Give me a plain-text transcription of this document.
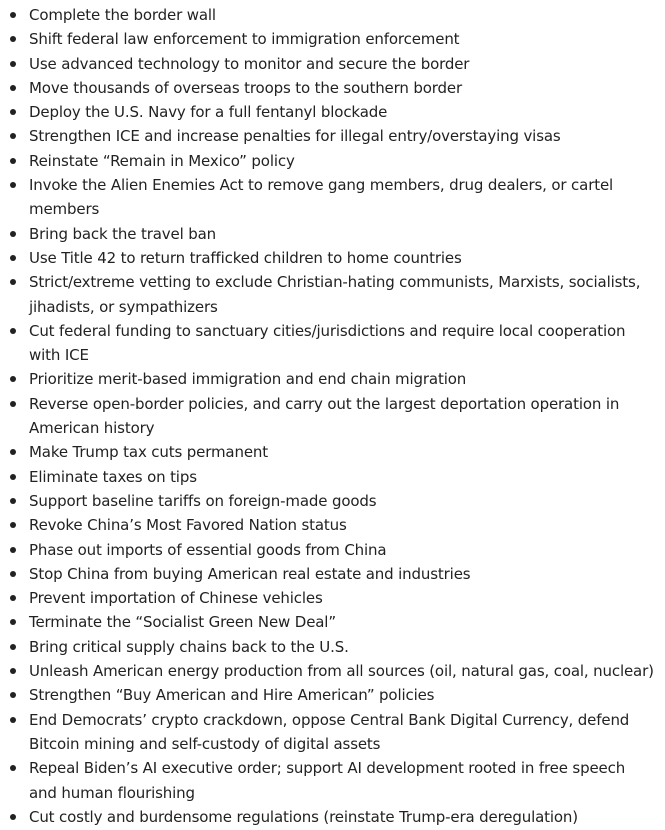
Complete the border wall
Shift federal law enforcement to immigration enforcement
Use advanced technology to monitor and secure the border
Move thousands of overseas troops to the southern border
Deploy the U.S. Navy for a full fentanyl blockade
Strengthen ICE and increase penalties for illegal entry/overstaying visas
Reinstate “Remain in Mexico” policy
Invoke the Alien Enemies Act to remove gang members, drug dealers, or cartel members
Bring back the travel ban
Use Title 42 to return trafficked children to home countries
Strict/extreme vetting to exclude Christian-hating communists, Marxists, socialists, jihadists, or sympathizers
Cut federal funding to sanctuary cities/jurisdictions and require local cooperation with ICE
Prioritize merit-based immigration and end chain migration
Reverse open-border policies, and carry out the largest deportation operation in American history
Make Trump tax cuts permanent
Eliminate taxes on tips
Support baseline tariffs on foreign-made goods
Revoke China’s Most Favored Nation status
Phase out imports of essential goods from China
Stop China from buying American real estate and industries
Prevent importation of Chinese vehicles
Terminate the “Socialist Green New Deal”
Bring critical supply chains back to the U.S.
Unleash American energy production from all sources (oil, natural gas, coal, nuclear)
Strengthen “Buy American and Hire American” policies
End Democrats’ crypto crackdown, oppose Central Bank Digital Currency, defend Bitcoin mining and self-custody of digital assets
Repeal Biden’s AI executive order; support AI development rooted in free speech and human flourishing
Cut costly and burdensome regulations (reinstate Trump-era deregulation)
